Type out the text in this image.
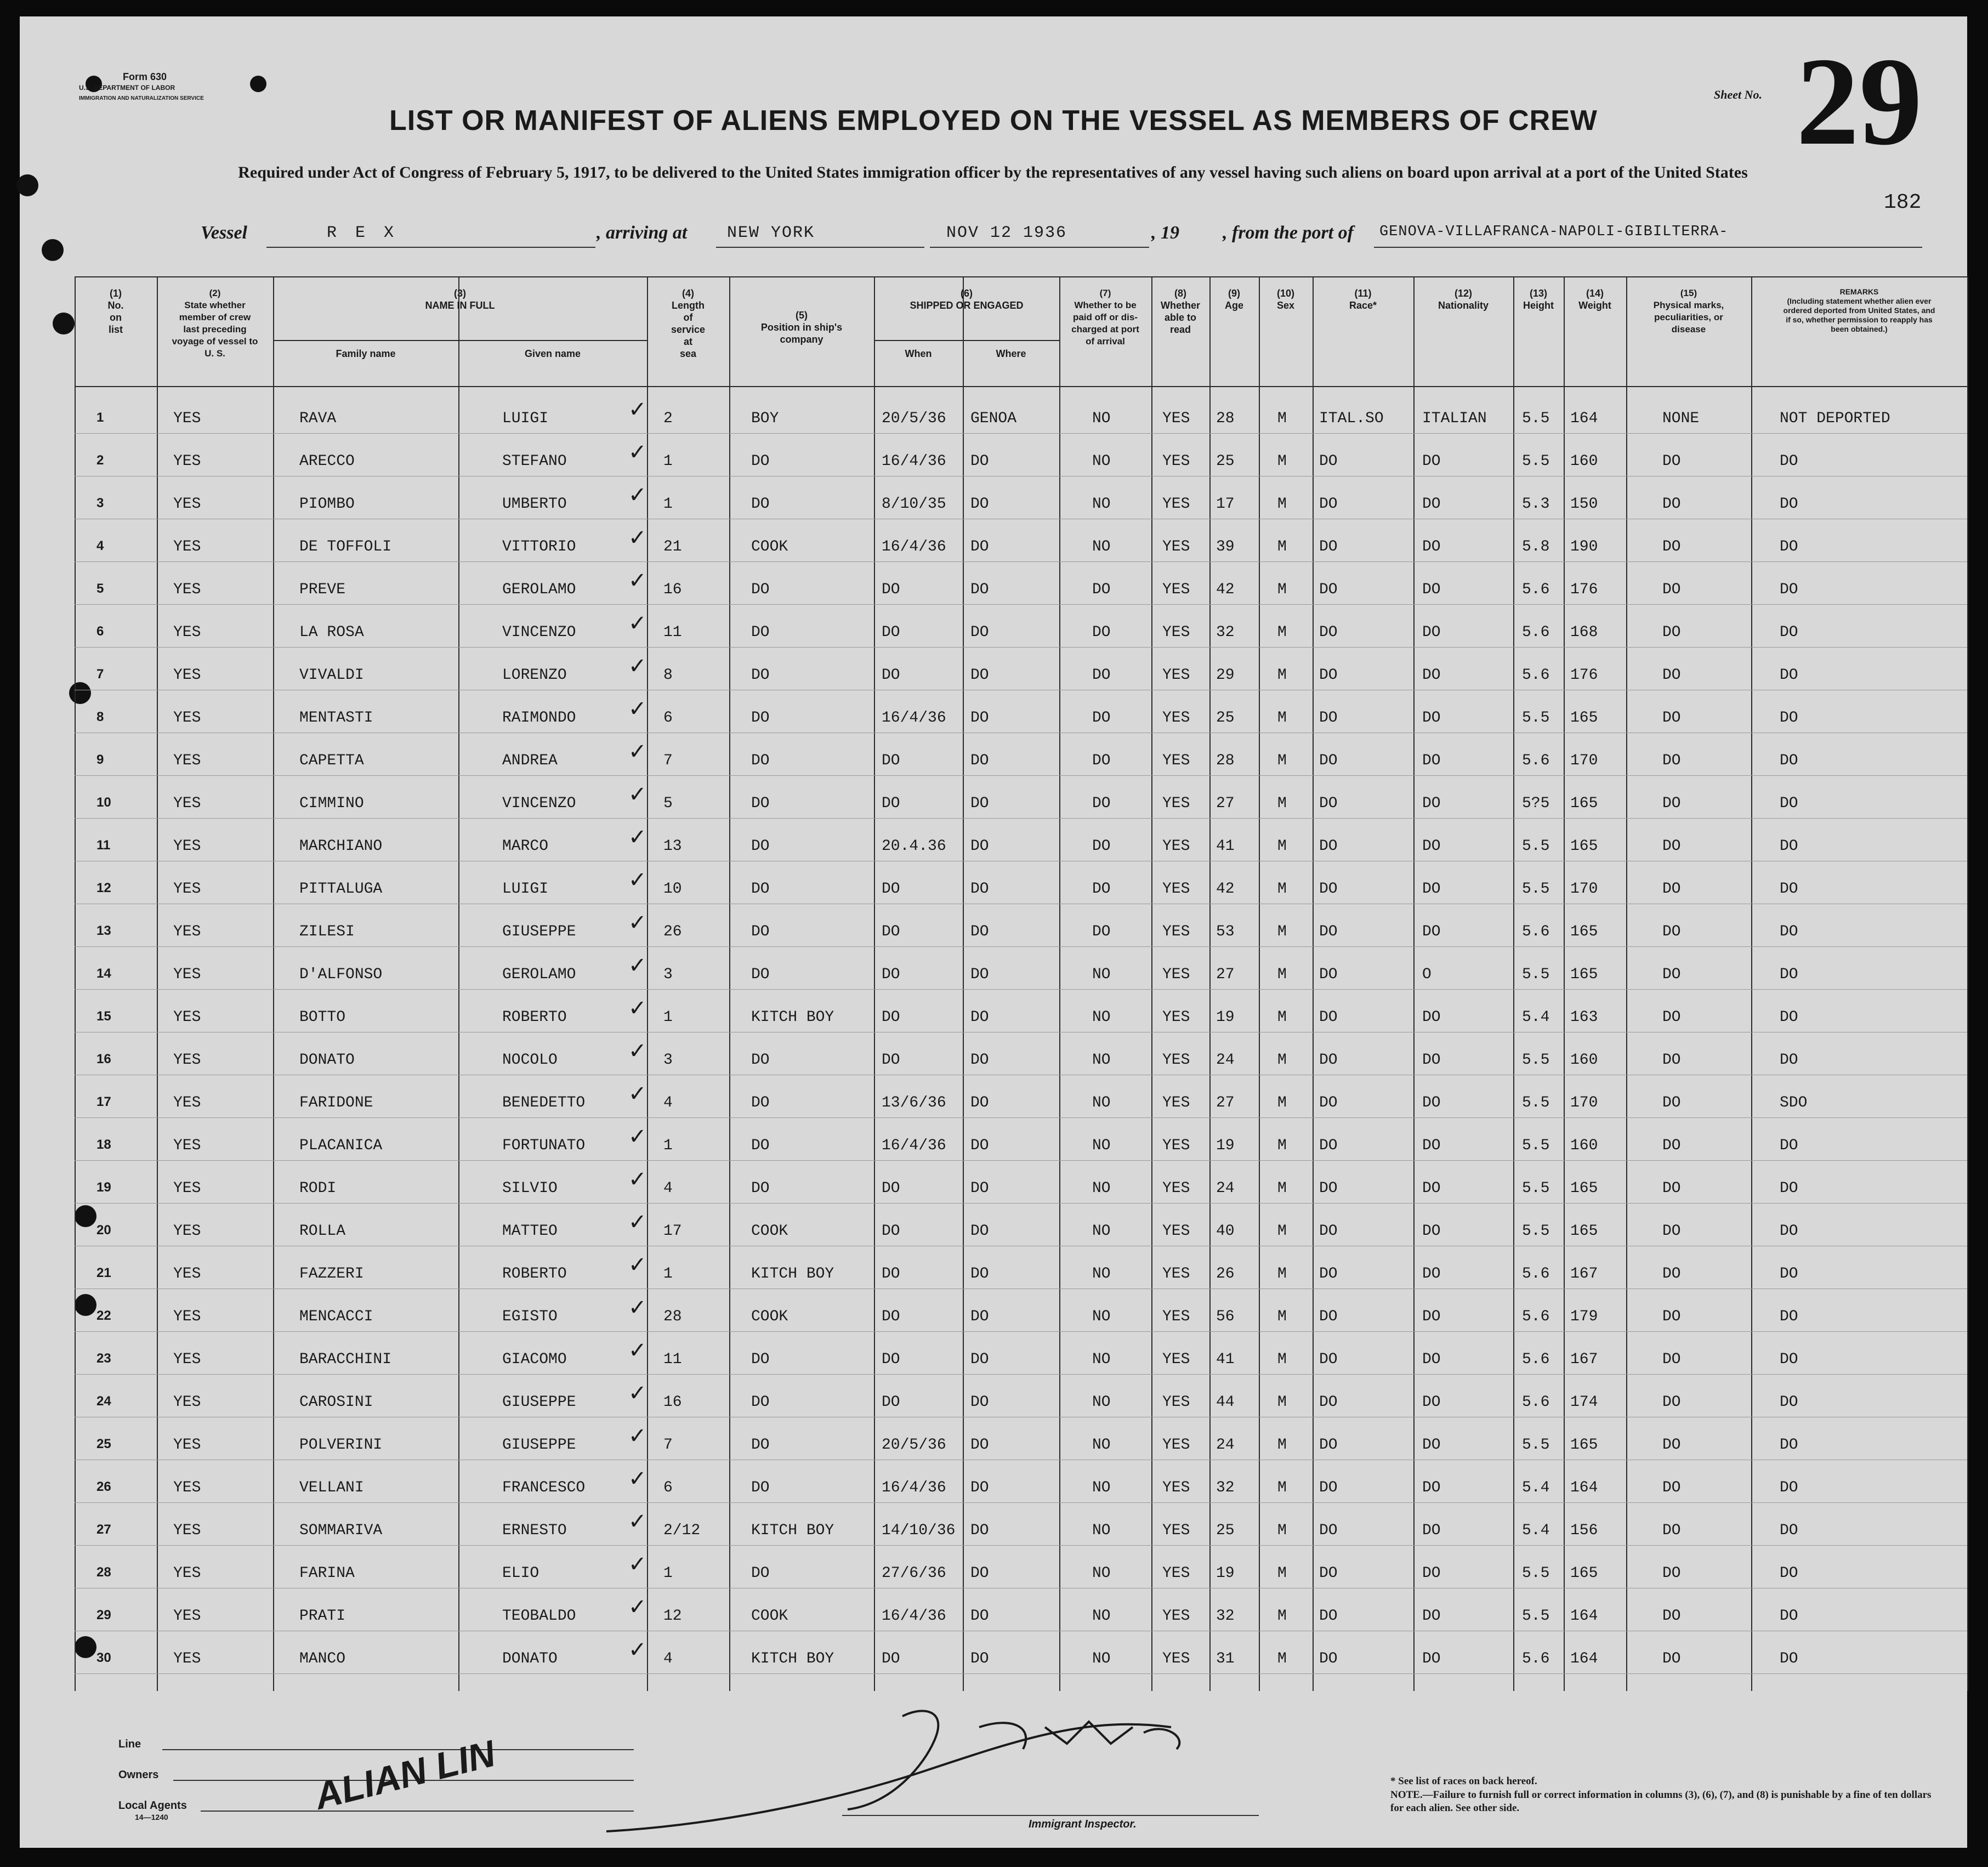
Form 630
U.S. DEPARTMENT OF LABOR
IMMIGRATION AND NATURALIZATION SERVICE
LIST OR MANIFEST OF ALIENS EMPLOYED ON THE VESSEL AS MEMBERS OF CREW
Required under Act of Congress of February 5, 1917, to be delivered to the United States immigration officer by the representatives of any vessel having such aliens on board upon arrival at a port of the United States
Sheet No. 29
182
Vessel	R E X	, arriving at NEW YORK	NOV 12 1936	, 19 , from the port of GENOVA-VILLAFRANCA-NAPOLI-GIBILTERRA-
(1)
No.
on
list
(2)
State whether
member of crew
last preceding
voyage of vessel to
U. S.
(3)
NAME IN FULL
Family name	Given name
(4)
Length
of
service
at
sea
(5)
Position in ship's
company
(6)
SHIPPED OR ENGAGED
When	Where
(7)
Whether to be
paid off or dis-
charged at port
of arrival
(8)
Whether
able to
read
(9)
Age
(10)
Sex
(11)
Race*
(12)
Nationality
(13)
Height
(14)
Weight
(15)
Physical marks,
peculiarities, or
disease
REMARKS
(Including statement whether alien ever
ordered deported from United States, and
if so, whether permission to reapply has
been obtained.)
1	YES	RAVA	LUIGI	2	BOY	20/5/36 GENOA	NO	YES 28	M ITAL.SO	ITALIAN 5.5 164	NONE	NOT DEPORTED
✓
2	YES	ARECCO	STEFANO	1	DO	16/4/36 DO	NO	YES 25	M DO	DO	5.5 160	DO	DO
✓
3	YES	PIOMBO	UMBERTO	1	DO	8/10/35 DO	NO	YES 17	M DO	DO	5.3 150	DO	DO
✓
4	YES	DE TOFFOLI	VITTORIO	21	COOK	16/4/36 DO	NO	YES 39	M DO	DO	5.8 190	DO	DO
✓
5	YES	PREVE	GEROLAMO	16	DO	DO	DO	DO	YES 42	M DO	DO	5.6 176	DO	DO
✓
6	YES	LA ROSA	VINCENZO	11	DO	DO	DO	DO	YES 32	M DO	DO	5.6 168	DO	DO
✓
7	YES	VIVALDI	LORENZO	8	DO	DO	DO	DO	YES 29	M DO	DO	5.6 176	DO	DO
✓
8	YES	MENTASTI	RAIMONDO	6	DO	16/4/36 DO	DO	YES 25	M DO	DO	5.5 165	DO	DO
✓
9	YES	CAPETTA	ANDREA	7	DO	DO	DO	DO	YES 28	M DO	DO	5.6 170	DO	DO
✓
10	YES	CIMMINO	VINCENZO	5	DO	DO	DO	DO	YES 27	M DO	DO	5?5 165	DO	DO
✓
11	YES	MARCHIANO	MARCO	13	DO	20.4.36 DO	DO	YES 41	M DO	DO	5.5 165	DO	DO
✓
12	YES	PITTALUGA	LUIGI	10	DO	DO	DO	DO	YES 42	M DO	DO	5.5 170	DO	DO
✓
13	YES	ZILESI	GIUSEPPE	26	DO	DO	DO	DO	YES 53	M DO	DO	5.6 165	DO	DO
✓
14	YES	D'ALFONSO	GEROLAMO	3	DO	DO	DO	NO	YES 27	M DO	O	5.5 165	DO	DO
✓
15	YES	BOTTO	ROBERTO	1	KITCH BOY	DO	DO	NO	YES 19	M DO	DO	5.4 163	DO	DO
✓
16	YES	DONATO	NOCOLO	3	DO	DO	DO	NO	YES 24	M DO	DO	5.5 160	DO	DO
✓
17	YES	FARIDONE	BENEDETTO	4	DO	13/6/36 DO	NO	YES 27	M DO	DO	5.5 170	DO	SDO
✓
18	YES	PLACANICA	FORTUNATO	1	DO	16/4/36 DO	NO	YES 19	M DO	DO	5.5 160	DO	DO
✓
19	YES	RODI	SILVIO	4	DO	DO	DO	NO	YES 24	M DO	DO	5.5 165	DO	DO
✓
20	YES	ROLLA	MATTEO	17	COOK	DO	DO	NO	YES 40	M DO	DO	5.5 165	DO	DO
✓
21	YES	FAZZERI	ROBERTO	1	KITCH BOY	DO	DO	NO	YES 26	M DO	DO	5.6 167	DO	DO
✓
22	YES	MENCACCI	EGISTO	28	COOK	DO	DO	NO	YES 56	M DO	DO	5.6 179	DO	DO
✓
23	YES	BARACCHINI	GIACOMO	11	DO	DO	DO	NO	YES 41	M DO	DO	5.6 167	DO	DO
✓
24	YES	CAROSINI	GIUSEPPE	16	DO	DO	DO	NO	YES 44	M DO	DO	5.6 174	DO	DO
✓
25	YES	POLVERINI	GIUSEPPE	7	DO	20/5/36 DO	NO	YES 24	M DO	DO	5.5 165	DO	DO
✓
26	YES	VELLANI	FRANCESCO	6	DO	16/4/36 DO	NO	YES 32	M DO	DO	5.4 164	DO	DO
✓
27	YES	SOMMARIVA	ERNESTO	2/12	KITCH BOY	14/10/36 DO	NO	YES 25	M DO	DO	5.4 156	DO	DO
✓
28	YES	FARINA	ELIO	1	DO	27/6/36 DO	NO	YES 19	M DO	DO	5.5 165	DO	DO
✓
29	YES	PRATI	TEOBALDO	12	COOK	16/4/36 DO	NO	YES 32	M DO	DO	5.5 164	DO	DO
✓
30	YES	MANCO	DONATO	4	KITCH BOY	DO	DO	NO	YES 31	M DO	DO	5.6 164	DO	DO
✓
Line
Owners
Local Agents
14—1240	ALIAN LIN
Immigrant Inspector.
* See list of races on back hereof.
NOTE.—Failure to furnish full or correct information in columns (3), (6), (7), and (8) is punishable by a fine of ten dollars for each alien. See other side.
